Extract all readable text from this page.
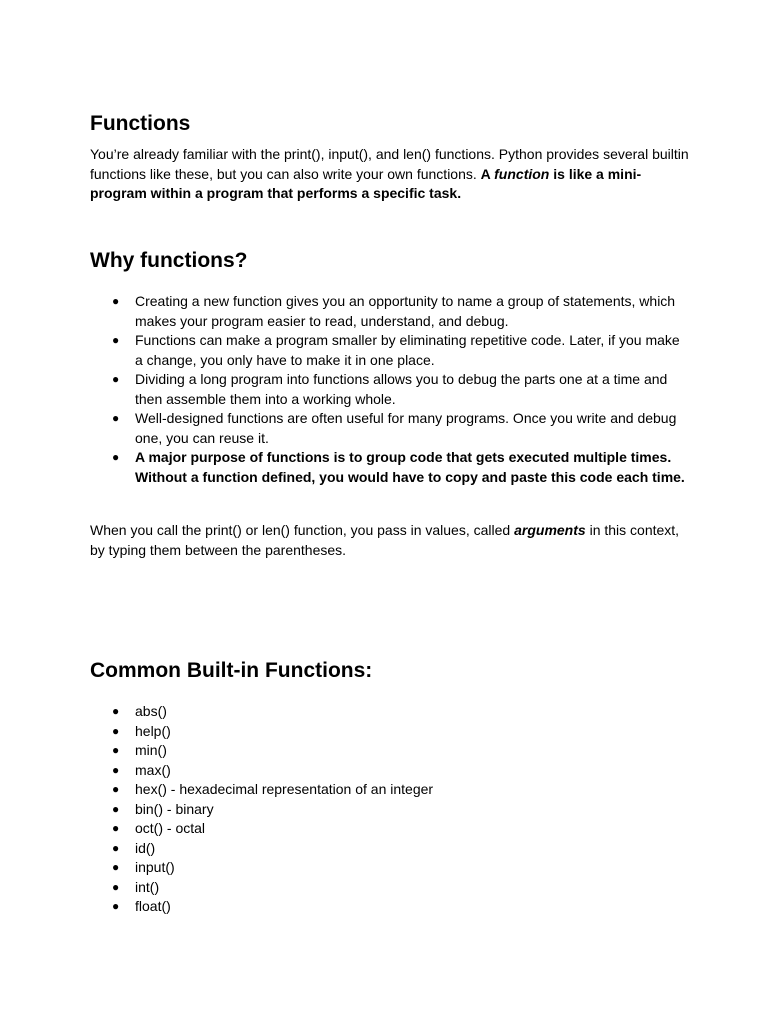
Functions

You’re already familiar with the print(), input(), and len() functions. Python provides several builtin functions like these, but you can also write your own functions. A function is like a mini-program within a program that performs a specific task.

Why functions?
● Creating a new function gives you an opportunity to name a group of statements, which makes your program easier to read, understand, and debug.
● Functions can make a program smaller by eliminating repetitive code. Later, if you make a change, you only have to make it in one place.
● Dividing a long program into functions allows you to debug the parts one at a time and then assemble them into a working whole.
● Well-designed functions are often useful for many programs. Once you write and debug one, you can reuse it.
● A major purpose of functions is to group code that gets executed multiple times. Without a function defined, you would have to copy and paste this code each time.

When you call the print() or len() function, you pass in values, called arguments in this context, by typing them between the parentheses.

Common Built-in Functions:
● abs()
● help()
● min()
● max()
● hex() - hexadecimal representation of an integer
● bin() - binary
● oct() - octal
● id()
● input()
● int()
● float()
